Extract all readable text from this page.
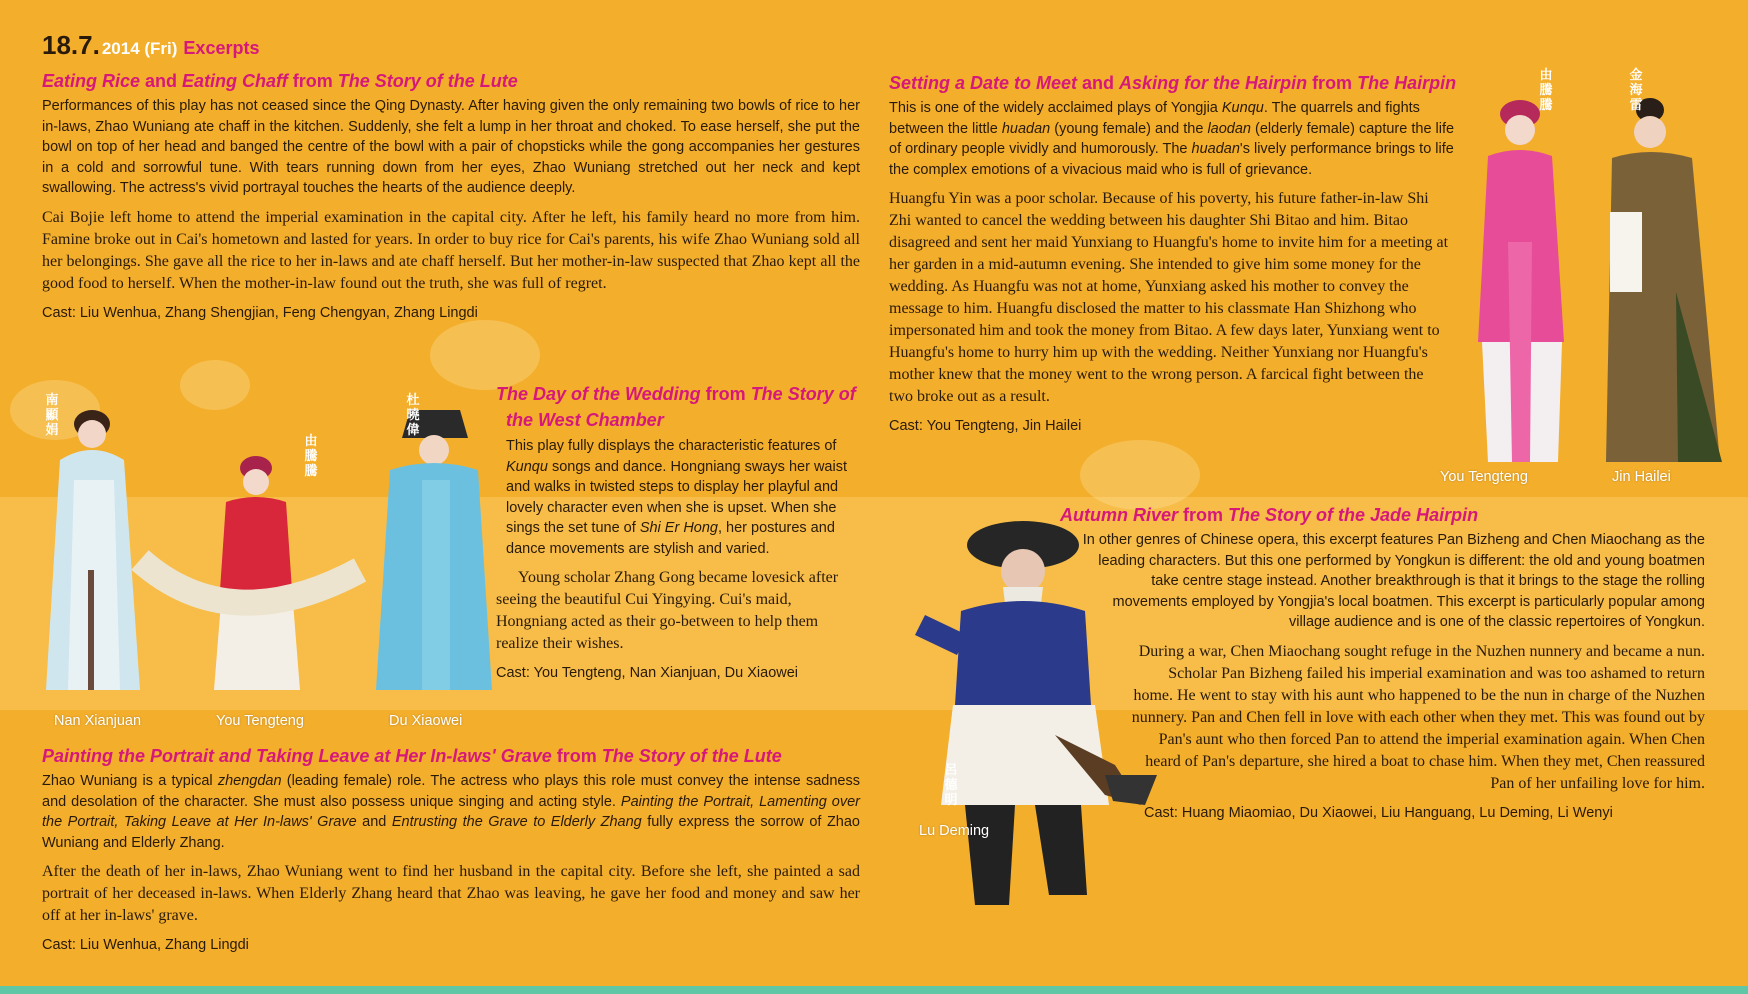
18.7. 2014 (Fri) Excerpts
Eating Rice and Eating Chaff from The Story of the Lute

Performances of this play has not ceased since the Qing Dynasty. After having given the only remaining two bowls of rice to her in-laws, Zhao Wuniang ate chaff in the kitchen. Suddenly, she felt a lump in her throat and choked. To ease herself, she put the bowl on top of her head and banged the centre of the bowl with a pair of chopsticks while the gong accompanies her gestures in a cold and sorrowful tune. With tears running down from her eyes, Zhao Wuniang stretched out her neck and kept swallowing. The actress's vivid portrayal touches the hearts of the audience deeply.

Cai Bojie left home to attend the imperial examination in the capital city. After he left, his family heard no more from him. Famine broke out in Cai's hometown and lasted for years. In order to buy rice for Cai's parents, his wife Zhao Wuniang sold all her belongings. She gave all the rice to her in-laws and ate chaff herself. But her mother-in-law suspected that Zhao kept all the good food to herself. When the mother-in-law found out the truth, she was full of regret.

Cast: Liu Wenhua, Zhang Shengjian, Feng Chengyan, Zhang Lingdi
The Day of the Wedding from The Story of
the West Chamber

This play fully displays the characteristic features of Kunqu songs and dance. Hongniang sways her waist and walks in twisted steps to display her playful and lovely character even when she is upset. When she sings the set tune of Shi Er Hong, her postures and dance movements are stylish and varied.

Young scholar Zhang Gong became lovesick after seeing the beautiful Cui Yingying. Cui's maid, Hongniang acted as their go-between to help them realize their wishes.

Cast: You Tengteng, Nan Xianjuan, Du Xiaowei
Painting the Portrait and Taking Leave at Her In-laws' Grave from The Story of the Lute

Zhao Wuniang is a typical zhengdan (leading female) role. The actress who plays this role must convey the intense sadness and desolation of the character. She must also possess unique singing and acting style. Painting the Portrait, Lamenting over the Portrait, Taking Leave at Her In-laws' Grave and Entrusting the Grave to Elderly Zhang fully express the sorrow of Zhao Wuniang and Elderly Zhang.

After the death of her in-laws, Zhao Wuniang went to find her husband in the capital city. Before she left, she painted a sad portrait of her deceased in-laws. When Elderly Zhang heard that Zhao was leaving, he gave her food and money and saw her off at her in-laws' grave.

Cast: Liu Wenhua, Zhang Lingdi
Setting a Date to Meet and Asking for the Hairpin from The Hairpin

This is one of the widely acclaimed plays of Yongjia Kunqu. The quarrels and fights between the little huadan (young female) and the laodan (elderly female) capture the life of ordinary people vividly and humorously. The huadan's lively performance brings to life the complex emotions of a vivacious maid who is full of grievance.

Huangfu Yin was a poor scholar. Because of his poverty, his future father-in-law Shi Zhi wanted to cancel the wedding between his daughter Shi Bitao and him. Bitao disagreed and sent her maid Yunxiang to Huangfu's home to invite him for a meeting at her garden in a mid-autumn evening. She intended to give him some money for the wedding. As Huangfu was not at home, Yunxiang asked his mother to convey the message to him. Huangfu disclosed the matter to his classmate Han Shizhong who impersonated him and took the money from Bitao. A few days later, Yunxiang went to Huangfu's home to hurry him up with the wedding. Neither Yunxiang nor Huangfu's mother knew that the money went to the wrong person. A farcical fight between the two broke out as a result.

Cast: You Tengteng, Jin Hailei
Autumn River from The Story of the Jade Hairpin

In other genres of Chinese opera, this excerpt features Pan Bizheng and Chen Miaochang as the leading characters. But this one performed by Yongkun is different: the old and young boatmen take centre stage instead. Another breakthrough is that it brings to the stage the rolling movements employed by Yongjia's local boatmen. This excerpt is particularly popular among village audience and is one of the classic repertoires of Yongkun.

During a war, Chen Miaochang sought refuge in the Nuzhen nunnery and became a nun. Scholar Pan Bizheng failed his imperial examination and was too ashamed to return home. He went to stay with his aunt who happened to be the nun in charge of the Nuzhen nunnery. Pan and Chen fell in love with each other when they met. This was found out by Pan's aunt who then forced Pan to attend the imperial examination again. When Chen heard of Pan's departure, she hired a boat to chase him. When they met, Chen reassured Pan of her unfailing love for him.

Cast: Huang Miaomiao, Du Xiaowei, Liu Hanguang, Lu Deming, Li Wenyi
南顯娟
由騰騰
杜曉偉
由騰騰
金海雷
呂德明
Nan Xianjuan	You Tengteng	Du Xiaowei
You Tengteng	Jin Hailei
Lu Deming
